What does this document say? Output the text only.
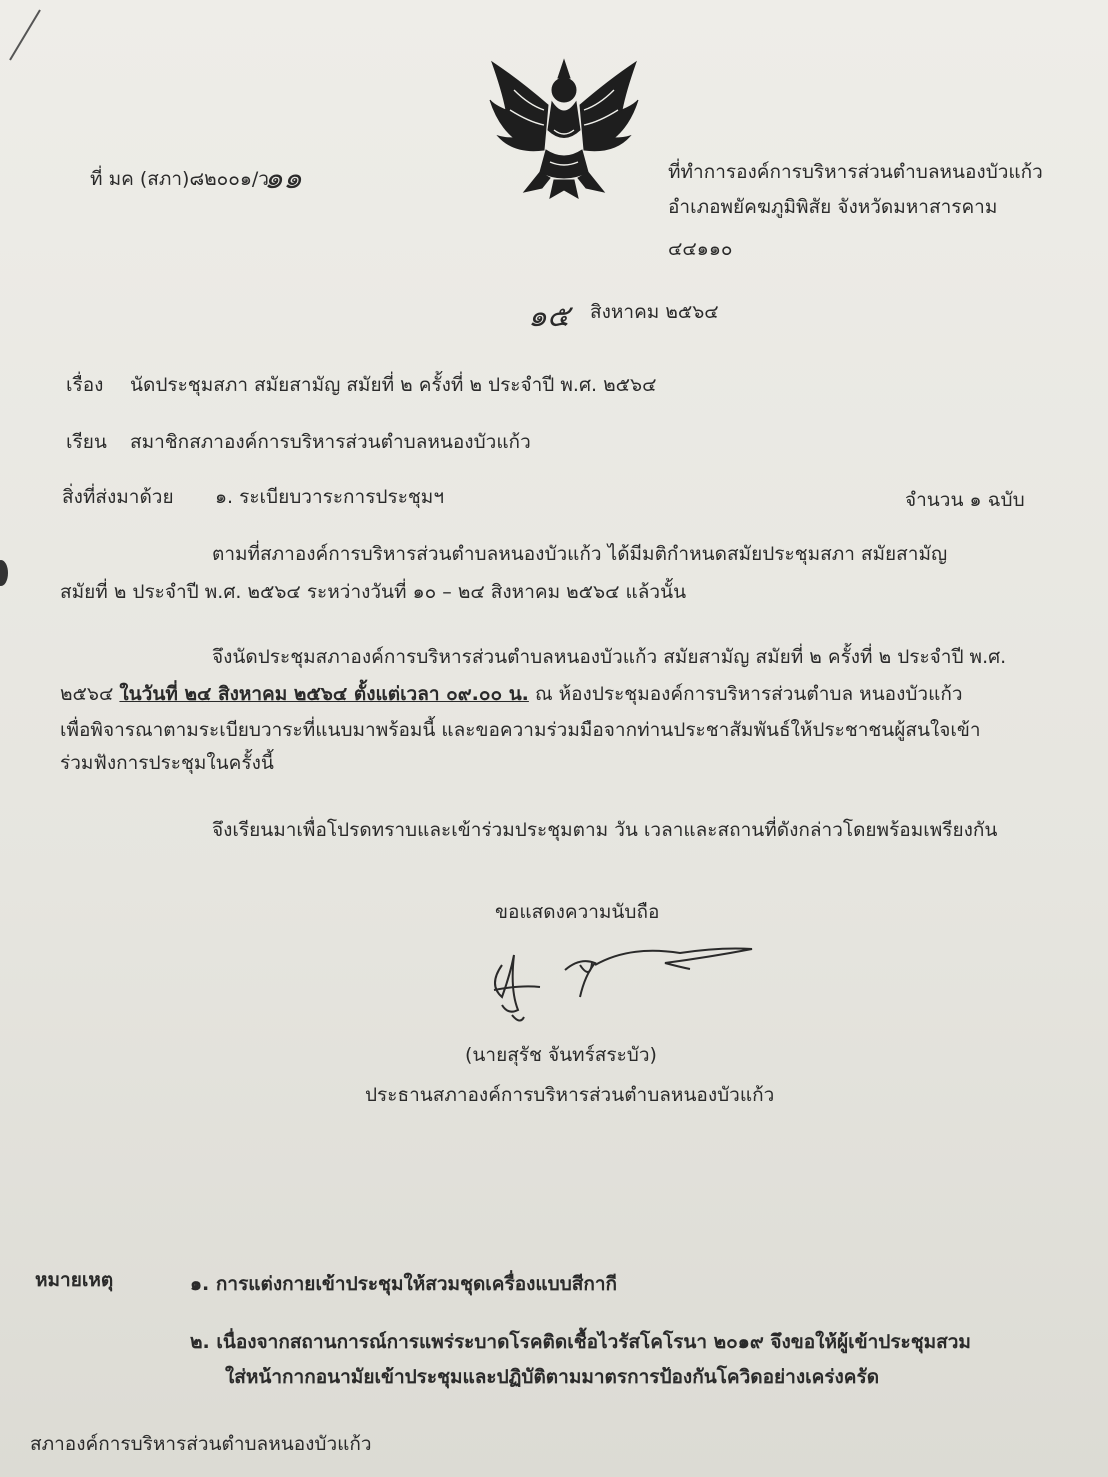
ที่ มค (สภา)๘๒๐๐๑/ว
๑๑	ที่ทำการองค์การบริหารส่วนตำบลหนองบัวแก้ว
อำเภอพยัคฆภูมิพิสัย จังหวัดมหาสารคาม
๔๔๑๑๐
๑๕ สิงหาคม ๒๕๖๔
เรื่อง นัดประชุมสภา สมัยสามัญ สมัยที่ ๒ ครั้งที่ ๒ ประจำปี พ.ศ. ๒๕๖๔
เรียน สมาชิกสภาองค์การบริหารส่วนตำบลหนองบัวแก้ว
สิ่งที่ส่งมาด้วย ๑. ระเบียบวาระการประชุมฯ	จำนวน ๑ ฉบับ
ตามที่สภาองค์การบริหารส่วนตำบลหนองบัวแก้ว ได้มีมติกำหนดสมัยประชุมสภา สมัยสามัญ
สมัยที่ ๒ ประจำปี พ.ศ. ๒๕๖๔ ระหว่างวันที่ ๑๐ – ๒๔ สิงหาคม ๒๕๖๔ แล้วนั้น
จึงนัดประชุมสภาองค์การบริหารส่วนตำบลหนองบัวแก้ว สมัยสามัญ สมัยที่ ๒ ครั้งที่ ๒ ประจำปี พ.ศ.
๒๕๖๔ ในวันที่ ๒๔ สิงหาคม ๒๕๖๔ ตั้งแต่เวลา ๐๙.๐๐ น. ณ ห้องประชุมองค์การบริหารส่วนตำบล หนองบัวแก้ว
เพื่อพิจารณาตามระเบียบวาระที่แนบมาพร้อมนี้ และขอความร่วมมือจากท่านประชาสัมพันธ์ให้ประชาชนผู้สนใจเข้า
ร่วมฟังการประชุมในครั้งนี้
จึงเรียนมาเพื่อโปรดทราบและเข้าร่วมประชุมตาม วัน เวลาและสถานที่ดังกล่าวโดยพร้อมเพรียงกัน
ขอแสดงความนับถือ
(นายสุรัช จันทร์สระบัว)
ประธานสภาองค์การบริหารส่วนตำบลหนองบัวแก้ว
หมายเหตุ	๑. การแต่งกายเข้าประชุมให้สวมชุดเครื่องแบบสีกากี
๒. เนื่องจากสถานการณ์การแพร่ระบาดโรคติดเชื้อไวรัสโคโรนา ๒๐๑๙ จึงขอให้ผู้เข้าประชุมสวม
ใส่หน้ากากอนามัยเข้าประชุมและปฏิบัติตามมาตรการป้องกันโควิดอย่างเคร่งครัด
สภาองค์การบริหารส่วนตำบลหนองบัวแก้ว
